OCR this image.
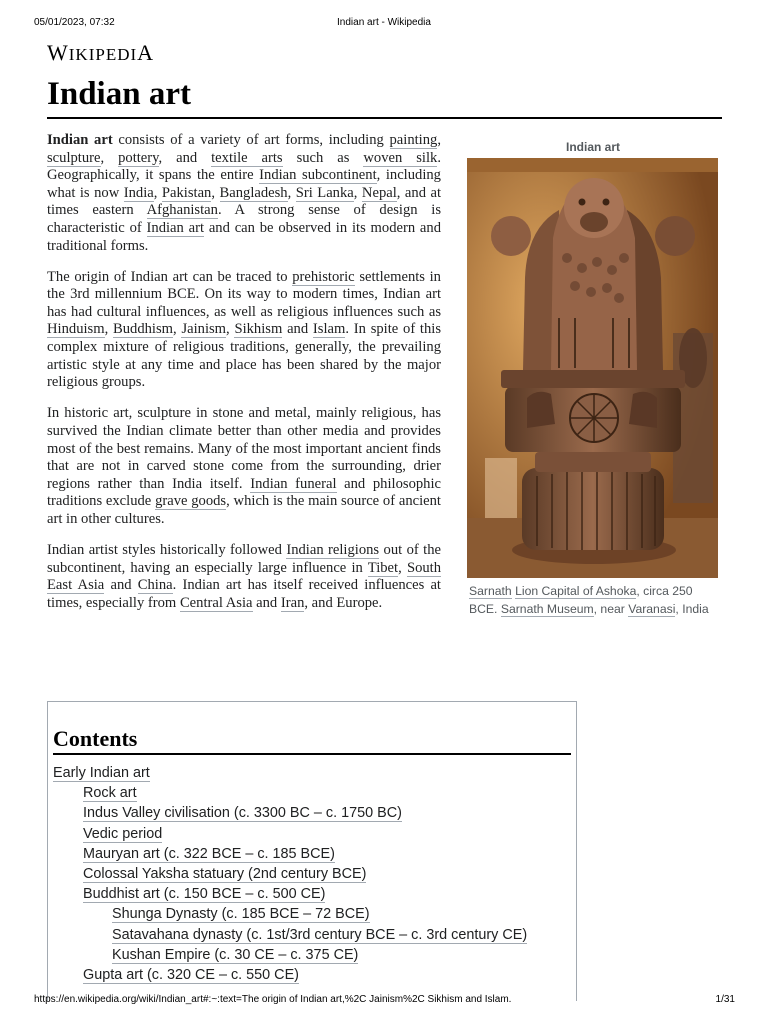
05/01/2023, 07:32	Indian art - Wikipedia
WIKIPEDIA
Indian art

Indian art consists of a variety of art forms, including painting, sculpture, pottery, and textile arts such as woven silk. Geographically, it spans the entire Indian subcontinent, including what is now India, Pakistan, Bangladesh, Sri Lanka, Nepal, and at times eastern Afghanistan. A strong sense of design is characteristic of Indian art and can be observed in its modern and traditional forms.

The origin of Indian art can be traced to prehistoric settlements in the 3rd millennium BCE. On its way to modern times, Indian art has had cultural influences, as well as religious influences such as Hinduism, Buddhism, Jainism, Sikhism and Islam. In spite of this complex mixture of religious traditions, generally, the prevailing artistic style at any time and place has been shared by the major religious groups.

In historic art, sculpture in stone and metal, mainly religious, has survived the Indian climate better than other media and provides most of the best remains. Many of the most important ancient finds that are not in carved stone come from the surrounding, drier regions rather than India itself. Indian funeral and philosophic traditions exclude grave goods, which is the main source of ancient art in other cultures.

Indian artist styles historically followed Indian religions out of the subcontinent, having an especially large influence in Tibet, South East Asia and China. Indian art has itself received influences at times, especially from Central Asia and Iran, and Europe.

Indian art
Sarnath Lion Capital of Ashoka, circa 250 BCE. Sarnath Museum, near Varanasi, India
Contents
Early Indian art
Rock art
Indus Valley civilisation (c. 3300 BC – c. 1750 BC)
Vedic period
Mauryan art (c. 322 BCE – c. 185 BCE)
Colossal Yaksha statuary (2nd century BCE)
Buddhist art (c. 150 BCE – c. 500 CE)
Shunga Dynasty (c. 185 BCE – 72 BCE)
Satavahana dynasty (c. 1st/3rd century BCE – c. 3rd century CE)
Kushan Empire (c. 30 CE – c. 375 CE)
Gupta art (c. 320 CE – c. 550 CE)
https://en.wikipedia.org/wiki/Indian_art#:~:text=The origin of Indian art,%2C Jainism%2C Sikhism and Islam.	1/31
